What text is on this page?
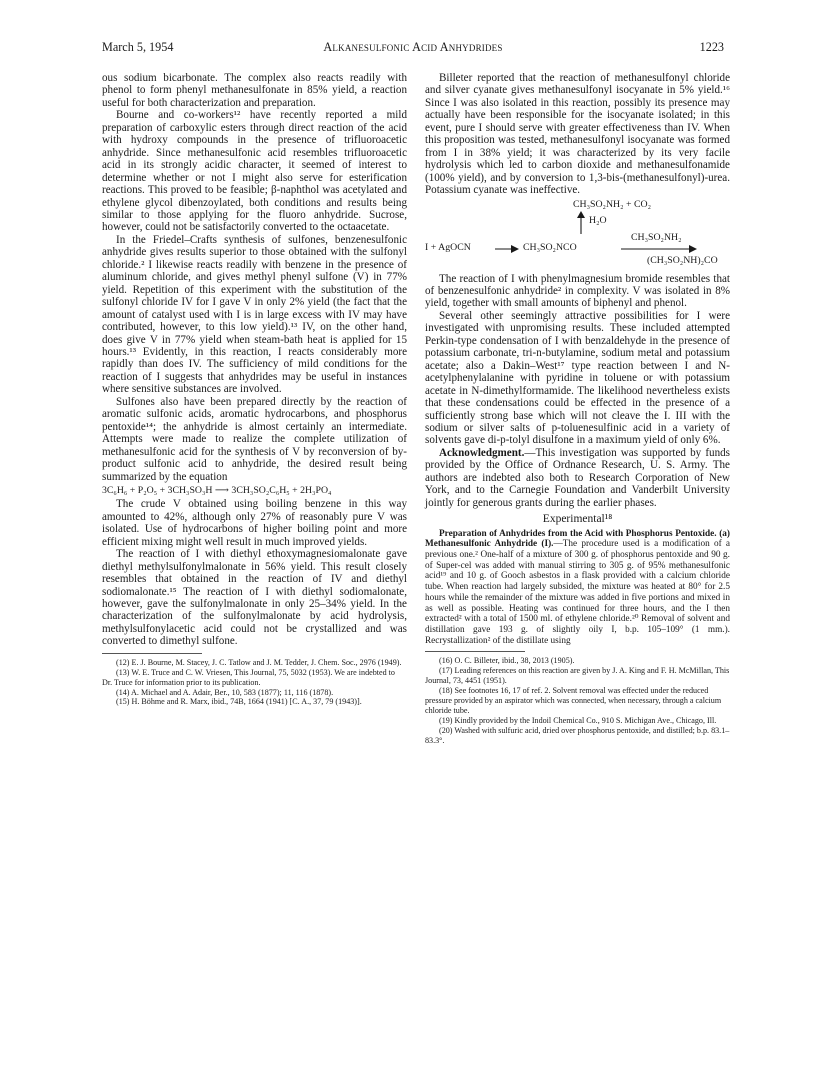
March 5, 1954	Alkanesulfonic Acid Anhydrides	1223

ous sodium bicarbonate. The complex also reacts readily with phenol to form phenyl methanesulfonate in 85% yield, a reaction useful for both characterization and preparation.

Bourne and co-workers¹² have recently reported a mild preparation of carboxylic esters through direct reaction of the acid with hydroxy compounds in the presence of trifluoroacetic anhydride. Since methanesulfonic acid resembles trifluoroacetic acid in its strongly acidic character, it seemed of interest to determine whether or not I might also serve for esterification reactions. This proved to be feasible; β-naphthol was acetylated and ethylene glycol dibenzoylated, both conditions and results being similar to those applying for the fluoro anhydride. Sucrose, however, could not be satisfactorily converted to the octaacetate.

In the Friedel–Crafts synthesis of sulfones, benzenesulfonic anhydride gives results superior to those obtained with the sulfonyl chloride.² I likewise reacts readily with benzene in the presence of aluminum chloride, and gives methyl phenyl sulfone (V) in 77% yield. Repetition of this experiment with the substitution of the sulfonyl chloride IV for I gave V in only 2% yield (the fact that the amount of catalyst used with I is in large excess with IV may have contributed, however, to this low yield).¹³ IV, on the other hand, does give V in 77% yield when steam-bath heat is applied for 15 hours.¹³ Evidently, in this reaction, I reacts considerably more rapidly than does IV. The sufficiency of mild conditions for the reaction of I suggests that anhydrides may be useful in instances where sensitive substances are involved.

Sulfones also have been prepared directly by the reaction of aromatic sulfonic acids, aromatic hydrocarbons, and phosphorus pentoxide¹⁴; the anhydride is almost certainly an intermediate. Attempts were made to realize the complete utilization of methanesulfonic acid for the synthesis of V by reconversion of by-product sulfonic acid to anhydride, the desired result being summarized by the equation

3C₆H₆ + P₂O₅ + 3CH₃SO₃H ⟶ 3CH₃SO₂C₆H₅ + 2H₃PO₄

The crude V obtained using boiling benzene in this way amounted to 42%, although only 27% of reasonably pure V was isolated. Use of hydrocarbons of higher boiling point and more efficient mixing might well result in much improved yields.

The reaction of I with diethyl ethoxymagnesiomalonate gave diethyl methylsulfonylmalonate in 56% yield. This result closely resembles that obtained in the reaction of IV and diethyl sodiomalonate.¹⁵ The reaction of I with diethyl sodiomalonate, however, gave the sulfonylmalonate in only 25–34% yield. In the characterization of the sulfonylmalonate by acid hydrolysis, methylsulfonylacetic acid could not be crystallized and was converted to dimethyl sulfone.

(12) E. J. Bourne, M. Stacey, J. C. Tatlow and J. M. Tedder, J. Chem. Soc., 2976 (1949).

(13) W. E. Truce and C. W. Vriesen, This Journal, 75, 5032 (1953). We are indebted to Dr. Truce for information prior to its publication.

(14) A. Michael and A. Adair, Ber., 10, 583 (1877); 11, 116 (1878).

(15) H. Böhme and R. Marx, ibid., 74B, 1664 (1941) [C. A., 37, 79 (1943)].

Billeter reported that the reaction of methanesulfonyl chloride and silver cyanate gives methanesulfonyl isocyanate in 5% yield.¹⁶ Since I was also isolated in this reaction, possibly its presence may actually have been responsible for the isocyanate isolated; in this event, pure I should serve with greater effectiveness than IV. When this proposition was tested, methanesulfonyl isocyanate was formed from I in 38% yield; it was characterized by its very facile hydrolysis which led to carbon dioxide and methanesulfonamide (100% yield), and by conversion to 1,3-bis-(methanesulfonyl)-urea. Potassium cyanate was ineffective.

CH₃SO₂NH₂ + CO₂
H₂O
I + AgOCN	CH₃SO₂NCO
CH₃SO₂NH₂
(CH₃SO₂NH)₂CO

The reaction of I with phenylmagnesium bromide resembles that of benzenesulfonic anhydride² in complexity. V was isolated in 8% yield, together with small amounts of biphenyl and phenol.

Several other seemingly attractive possibilities for I were investigated with unpromising results. These included attempted Perkin-type condensation of I with benzaldehyde in the presence of potassium carbonate, tri-n-butylamine, sodium metal and potassium acetate; also a Dakin–West¹⁷ type reaction between I and N-acetylphenylalanine with pyridine in toluene or with potassium acetate in N-dimethylformamide. The likelihood nevertheless exists that these condensations could be effected in the presence of a sufficiently strong base which will not cleave the I. III with the sodium or silver salts of p-toluenesulfinic acid in a variety of solvents gave di-p-tolyl disulfone in a maximum yield of only 6%.

Acknowledgment.—This investigation was supported by funds provided by the Office of Ordnance Research, U. S. Army. The authors are indebted also both to Research Corporation of New York, and to the Carnegie Foundation and Vanderbilt University jointly for generous grants during the earlier phases.

Experimental¹⁸

Preparation of Anhydrides from the Acid with Phosphorus Pentoxide. (a) Methanesulfonic Anhydride (I).—The procedure used is a modification of a previous one.² One-half of a mixture of 300 g. of phosphorus pentoxide and 90 g. of Super-cel was added with manual stirring to 305 g. of 95% methanesulfonic acid¹⁹ and 10 g. of Gooch asbestos in a flask provided with a calcium chloride tube. When reaction had largely subsided, the mixture was heated at 80° for 2.5 hours while the remainder of the mixture was added in five portions and mixed in as well as possible. Heating was continued for three hours, and the I then extracted² with a total of 1500 ml. of ethylene chloride.²⁰ Removal of solvent and distillation gave 193 g. of slightly oily I, b.p. 105–109° (1 mm.). Recrystallization² of the distillate using

(16) O. C. Billeter, ibid., 38, 2013 (1905).

(17) Leading references on this reaction are given by J. A. King and F. H. McMillan, This Journal, 73, 4451 (1951).

(18) See footnotes 16, 17 of ref. 2. Solvent removal was effected under the reduced pressure provided by an aspirator which was connected, when necessary, through a calcium chloride tube.

(19) Kindly provided by the Indoil Chemical Co., 910 S. Michigan Ave., Chicago, Ill.

(20) Washed with sulfuric acid, dried over phosphorus pentoxide, and distilled; b.p. 83.1–83.3°.
